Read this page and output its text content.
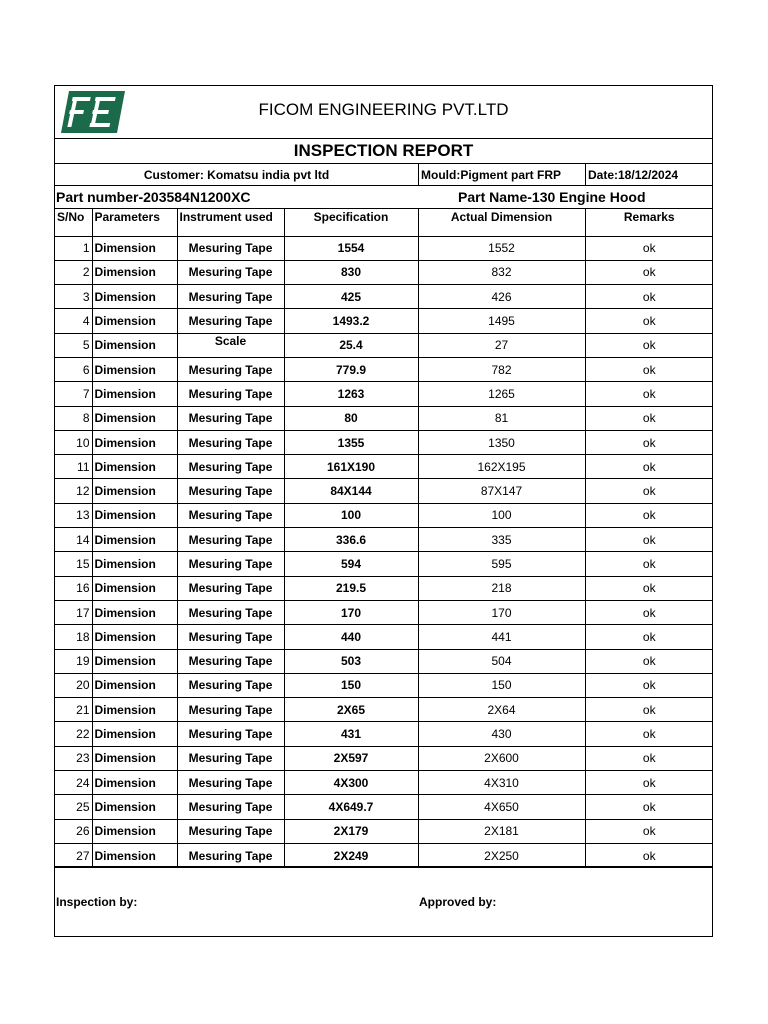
FICOM ENGINEERING PVT.LTD
INSPECTION REPORT
Customer: Komatsu india pvt ltd	Mould:Pigment part FRP	Date:18/12/2024
Part number-203584N1200XC	Part Name-130 Engine Hood
S/No	Parameters	Instrument used	Specification	Actual Dimension	Remarks
1	Dimension	Mesuring Tape	1554	1552	ok
2	Dimension	Mesuring Tape	830	832	ok
3	Dimension	Mesuring Tape	425	426	ok
4	Dimension	Mesuring Tape	1493.2	1495	ok
5	Dimension	Scale	25.4	27	ok
6	Dimension	Mesuring Tape	779.9	782	ok
7	Dimension	Mesuring Tape	1263	1265	ok
8	Dimension	Mesuring Tape	80	81	ok
10	Dimension	Mesuring Tape	1355	1350	ok
11	Dimension	Mesuring Tape	161X190	162X195	ok
12	Dimension	Mesuring Tape	84X144	87X147	ok
13	Dimension	Mesuring Tape	100	100	ok
14	Dimension	Mesuring Tape	336.6	335	ok
15	Dimension	Mesuring Tape	594	595	ok
16	Dimension	Mesuring Tape	219.5	218	ok
17	Dimension	Mesuring Tape	170	170	ok
18	Dimension	Mesuring Tape	440	441	ok
19	Dimension	Mesuring Tape	503	504	ok
20	Dimension	Mesuring Tape	150	150	ok
21	Dimension	Mesuring Tape	2X65	2X64	ok
22	Dimension	Mesuring Tape	431	430	ok
23	Dimension	Mesuring Tape	2X597	2X600	ok
24	Dimension	Mesuring Tape	4X300	4X310	ok
25	Dimension	Mesuring Tape	4X649.7	4X650	ok
26	Dimension	Mesuring Tape	2X179	2X181	ok
27	Dimension	Mesuring Tape	2X249	2X250	ok
Inspection by:	Approved by:
